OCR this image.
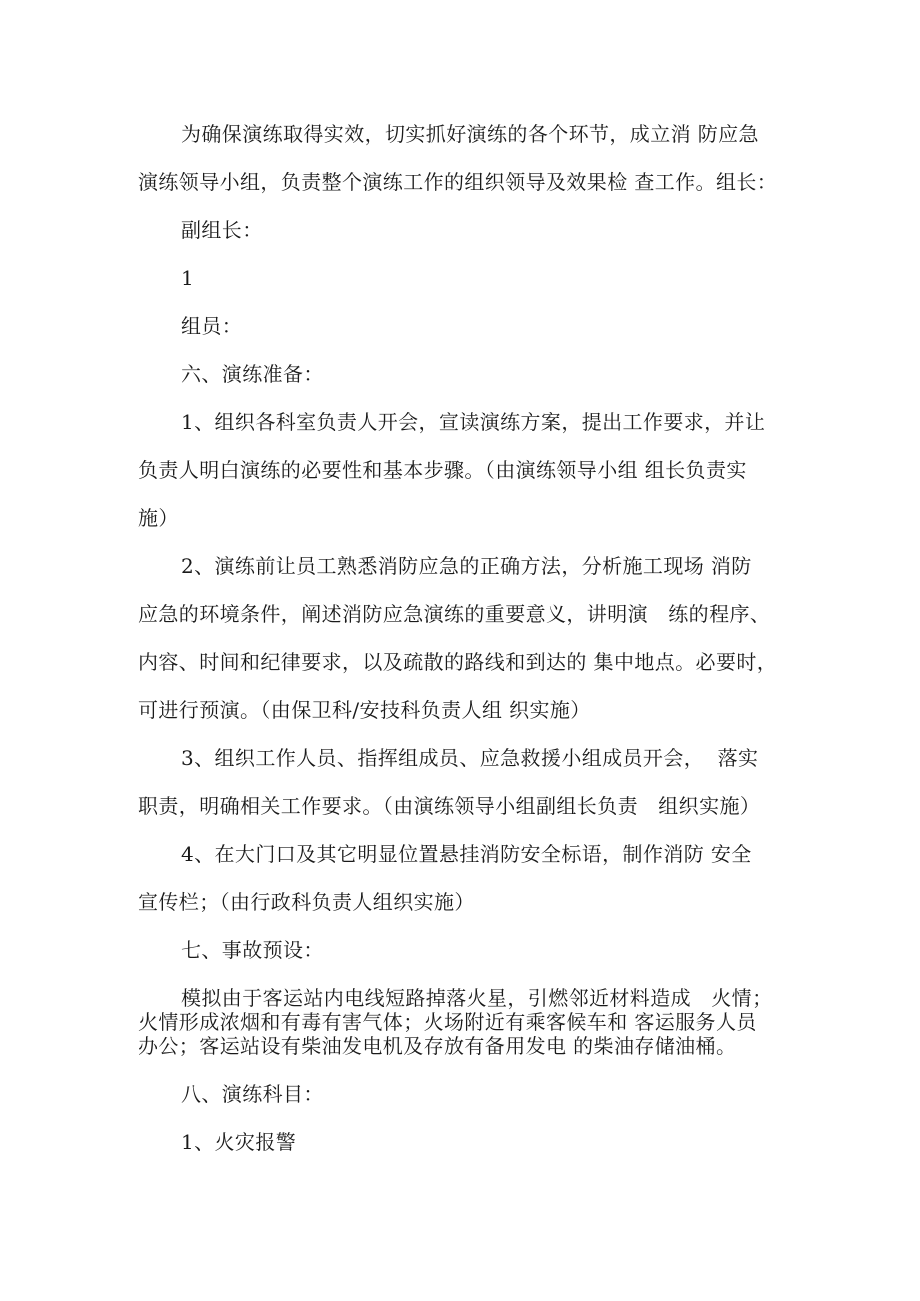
为确保演练取得实效，切实抓好演练的各个环节，成立消 防应急
演练领导小组，负责整个演练工作的组织领导及效果检 查工作。组长：
副组长：
1
组员：
六、演练准备：
1、组织各科室负责人开会，宣读演练方案，提出工作要求，并让
负责人明白演练的必要性和基本步骤。（由演练领导小组 组长负责实
施）
2、演练前让员工熟悉消防应急的正确方法，分析施工现场 消防
应急的环境条件，阐述消防应急演练的重要意义，讲明演   练的程序、
内容、时间和纪律要求，以及疏散的路线和到达的 集中地点。必要时，
可进行预演。（由保卫科/安技科负责人组 织实施）
3、组织工作人员、指挥组成员、应急救援小组成员开会，  落实
职责，明确相关工作要求。（由演练领导小组副组长负责   组织实施）
4、在大门口及其它明显位置悬挂消防安全标语，制作消防 安全
宣传栏；（由行政科负责人组织实施）
七、事故预设：
模拟由于客运站内电线短路掉落火星，引燃邻近材料造成   火情；
火情形成浓烟和有毒有害气体；火场附近有乘客候车和 客运服务人员
办公；客运站设有柴油发电机及存放有备用发电 的柴油存储油桶。
八、演练科目：
1、火灾报警
